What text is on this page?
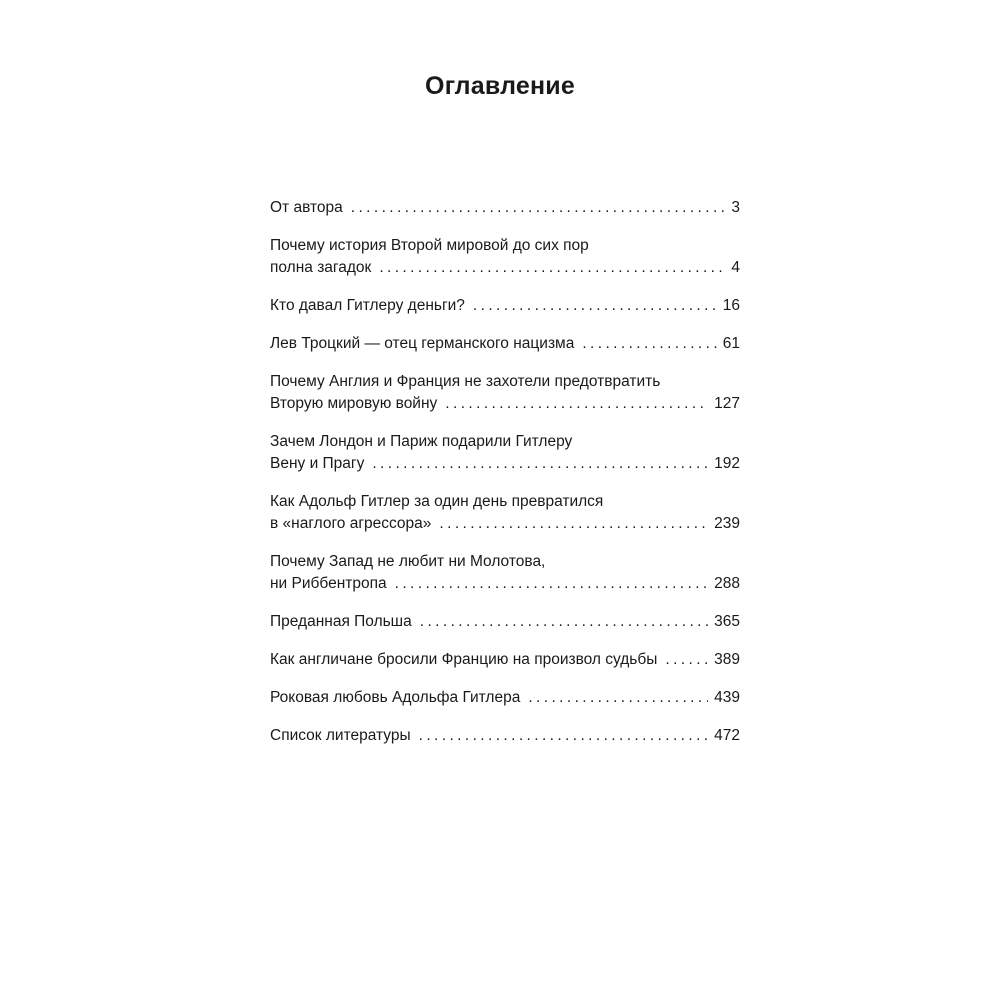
Оглавление
От автора .....	3
Почему история Второй мировой до сих пор
полна загадок .....	4
Кто давал Гитлеру деньги? .....	16
Лев Троцкий — отец германского нацизма .....	61
Почему Англия и Франция не захотели предотвратить
Вторую мировую войну .....	127
Зачем Лондон и Париж подарили Гитлеру
Вену и Прагу .....	192
Как Адольф Гитлер за один день превратился
в «наглого агрессора» .....	239
Почему Запад не любит ни Молотова,
ни Риббентропа .....	288
Преданная Польша .....	365
Как англичане бросили Францию на произвол судьбы .....	389
Роковая любовь Адольфа Гитлера .....	439
Список литературы .....	472
